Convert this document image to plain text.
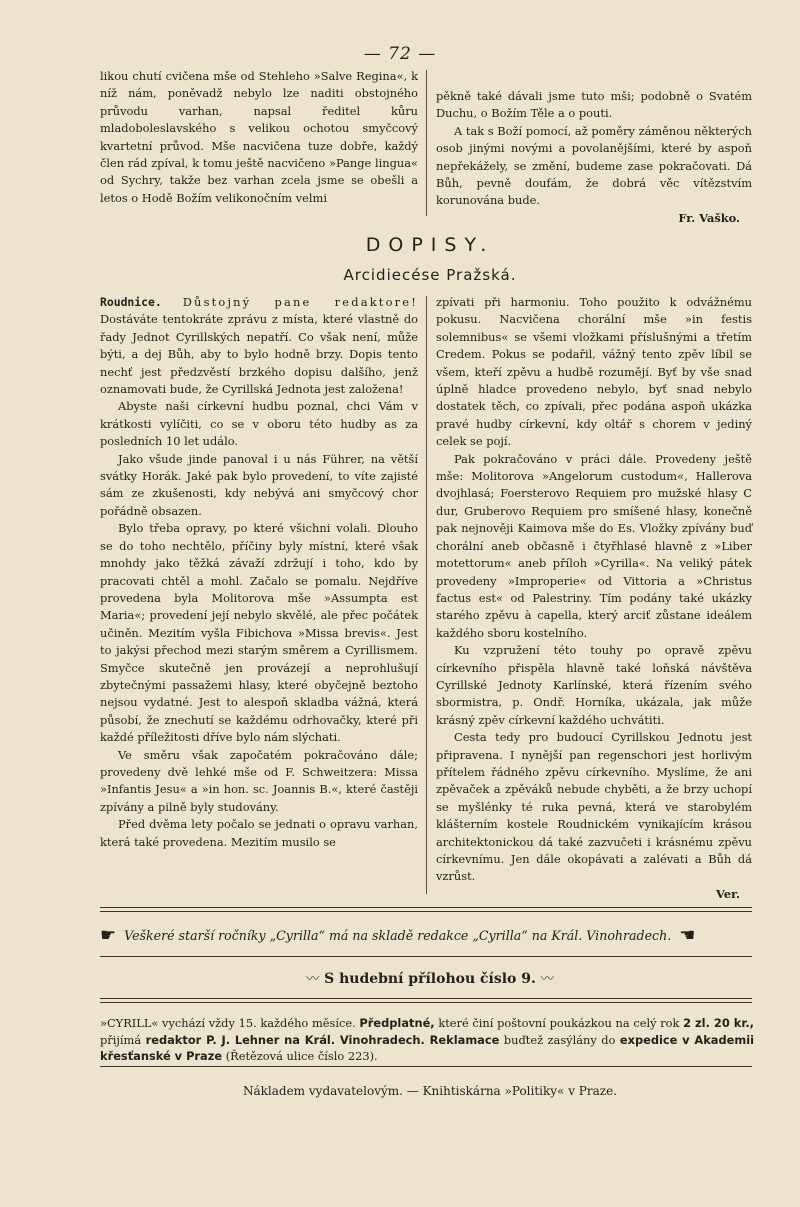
— 72 —

likou chutí cvičena mše od Stehleho »Salve Regina«, k níž nám, poněvadž nebylo lze naditi obstojného průvodu varhan, napsal ředitel kůru mladoboleslavského s velikou ochotou smyčcový kvartetní průvod. Mše nacvičena tuze dobře, každý člen rád zpíval, k tomu ještě nacvičeno »Pange lingua« od Sychry, takže bez varhan zcela jsme se obešli a letos o Hodě Božím velikonočním velmi

pěkně také dávali jsme tuto mši; podobně o Svatém Duchu, o Božím Těle a o pouti.

A tak s Boží pomocí, až poměry záměnou některých osob jinými novými a povolanějšími, které by aspoň nepřekážely, se změní, budeme zase pokračovati. Dá Bůh, pevně doufám, že dobrá věc vítězstvím korunována bude.

Fr. Vaško.

DOPISY.
Arcidiecése Pražská.

Roudnice. Důstojný pane redaktore! Dostáváte tentokráte zprávu z místa, které vlastně do řady Jednot Cyrillských nepatří. Co však není, může býti, a dej Bůh, aby to bylo hodně brzy. Dopis tento nechť jest předzvěstí brzkého dopisu dalšího, jenž oznamovati bude, že Cyrillská Jednota jest založena!

Abyste naši církevní hudbu poznal, chci Vám v krátkosti vylíčiti, co se v oboru této hudby as za posledních 10 let událo.

Jako všude jinde panoval i u nás Führer, na větší svátky Horák. Jaké pak bylo provedení, to víte zajisté sám ze zkušenosti, kdy nebývá ani smyčcový chor pořádně obsazen.

Bylo třeba opravy, po které všichni volali. Dlouho se do toho nechtělo, příčiny byly místní, které však mnohdy jako těžká závaží zdržují i toho, kdo by pracovati chtěl a mohl. Začalo se pomalu. Nejdříve provedena byla Molitorova mše »Assumpta est Maria«; provedení její nebylo skvělé, ale přec počátek učiněn. Mezitím vyšla Fibichova »Missa brevis«. Jest to jakýsi přechod mezi starým směrem a Cyrillismem. Smyčce skutečně jen provázejí a neprohlušují zbytečnými passažemi hlasy, které obyčejně beztoho nejsou vydatné. Jest to alespoň skladba vážná, která působí, že znechutí se každému odrhovačky, které při každé příležitosti dříve bylo nám slýchati.

Ve směru však započatém pokračováno dále; provedeny dvě lehké mše od F. Schweitzera: Missa »Infantis Jesu« a »in hon. sc. Joannis B.«, které častěji zpívány a pilně byly studovány.

Před dvěma lety počalo se jednati o opravu varhan, která také provedena. Mezitím musilo se

zpívati při harmoniu. Toho použito k odvážnému pokusu. Nacvičena chorální mše »in festis solemnibus« se všemi vložkami příslušnými a třetím Credem. Pokus se podařil, vážný tento zpěv líbil se všem, kteří zpěvu a hudbě rozumějí. Byť by vše snad úplně hladce provedeno nebylo, byť snad nebylo dostatek těch, co zpívali, přec podána aspoň ukázka pravé hudby církevní, kdy oltář s chorem v jediný celek se pojí.

Pak pokračováno v práci dále. Provedeny ještě mše: Molitorova »Angelorum custodum«, Hallerova dvojhlasá; Foersterovo Requiem pro mužské hlasy C dur, Gruberovo Requiem pro smíšené hlasy, konečně pak nejnověji Kaimova mše do Es. Vložky zpívány buď chorální aneb občasně i čtyřhlasé hlavně z »Liber motettorum« aneb příloh »Cyrilla«. Na veliký pátek provedeny »Improperie« od Vittoria a »Christus factus est« od Palestriny. Tím podány také ukázky starého zpěvu à capella, který arciť zůstane ideálem každého sboru kostelního.

Ku vzpružení této touhy po opravě zpěvu církevního přispěla hlavně také loňská návštěva Cyrillské Jednoty Karlínské, která řízením svého sbormistra, p. Ondř. Horníka, ukázala, jak může krásný zpěv církevní každého uchvátiti.

Cesta tedy pro budoucí Cyrillskou Jednotu jest připravena. I nynější pan regenschori jest horlivým přítelem řádného zpěvu církevního. Myslíme, že ani zpěvaček a zpěváků nebude chyběti, a že brzy uchopí se myšlénky té ruka pevná, která ve starobylém klášterním kostele Roudnickém vynikajícím krásou architektonickou dá také zazvučeti i krásnému zpěvu církevnímu. Jen dále okopávati a zalévati a Bůh dá vzrůst.

Ver.

☛ Veškeré starší ročníky „Cyrilla“ má na skladě redakce „Cyrilla“ na Král. Vinohradech. ☚
〰 S hudební přílohou číslo 9. 〰
»CYRILL« vychází vždy 15. každého měsíce. Předplatné, které činí poštovní poukázkou na celý rok 2 zl. 20 kr., přijímá redaktor P. J. Lehner na Král. Vinohradech. Reklamace buďtež zasýlány do expedice v Akademii křesťanské v Praze (Řetězová ulice číslo 223).
Nákladem vydavatelovým. — Knihtiskárna »Politiky« v Praze.
